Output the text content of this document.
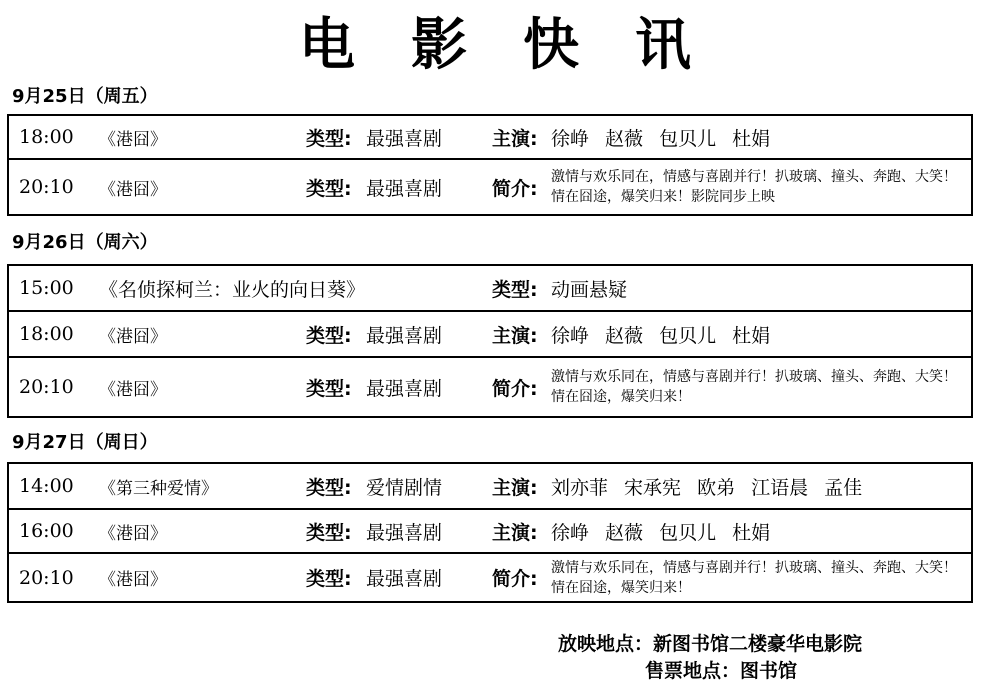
电影快讯
9月25日（周五）
18:00 《港囧》	类型: 最强喜剧	主演: 徐峥 赵薇 包贝儿 杜娟
20:10 《港囧》	类型: 最强喜剧	简介:
激情与欢乐同在，情感与喜剧并行！扒玻璃、撞头、奔跑、大笑！情在囧途，爆笑归来！影院同步上映
9月26日（周六）
15:00 《名侦探柯兰：业火的向日葵》	类型: 动画悬疑
18:00 《港囧》	类型: 最强喜剧	主演: 徐峥 赵薇 包贝儿 杜娟
20:10 《港囧》	类型: 最强喜剧	简介:
激情与欢乐同在，情感与喜剧并行！扒玻璃、撞头、奔跑、大笑！情在囧途，爆笑归来！
9月27日（周日）
14:00 《第三种爱情》	类型: 爱情剧情	主演: 刘亦菲 宋承宪 欧弟 江语晨 孟佳
16:00 《港囧》	类型: 最强喜剧	主演: 徐峥 赵薇 包贝儿 杜娟
20:10 《港囧》	类型: 最强喜剧	简介:
激情与欢乐同在，情感与喜剧并行！扒玻璃、撞头、奔跑、大笑！情在囧途，爆笑归来！
放映地点：新图书馆二楼豪华电影院
售票地点：图书馆
